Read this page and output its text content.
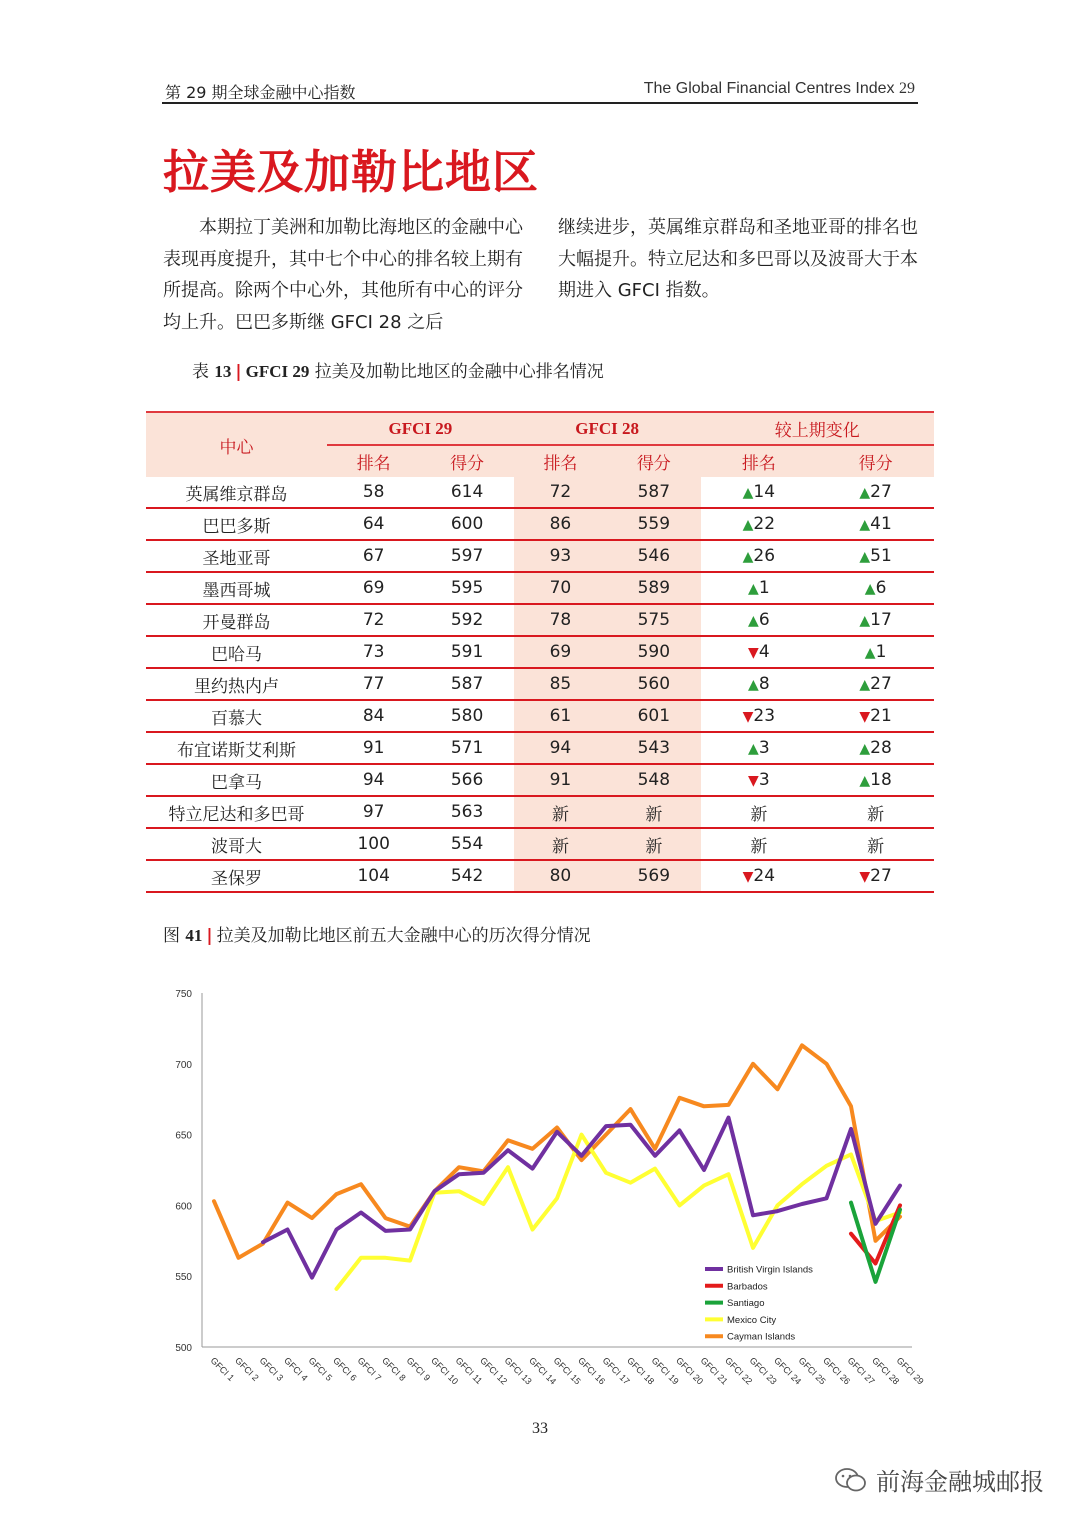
第 29 期全球金融中心指数	The Global Financial Centres Index 29
拉美及加勒比地区
本期拉丁美洲和加勒比海地区的金融中心表现再度提升，其中七个中心的排名较上期有所提高。除两个中心外，其他所有中心的评分均上升。巴巴多斯继 GFCI 28 之后
继续进步，英属维京群岛和圣地亚哥的排名也大幅提升。特立尼达和多巴哥以及波哥大于本期进入 GFCI 指数。
表 13 | GFCI 29 拉美及加勒比地区的金融中心排名情况
中心	GFCI 29		GFCI 28		较上期变化	
	排名	得分	排名	得分	排名	得分
英属维京群岛	58	614	72	587	▲14	▲27
巴巴多斯	64	600	86	559	▲22	▲41
圣地亚哥	67	597	93	546	▲26	▲51
墨西哥城	69	595	70	589	▲1	▲6
开曼群岛	72	592	78	575	▲6	▲17
巴哈马	73	591	69	590	▼4	▲1
里约热内卢	77	587	85	560	▲8	▲27
百慕大	84	580	61	601	▼23	▼21
布宜诺斯艾利斯	91	571	94	543	▲3	▲28
巴拿马	94	566	91	548	▼3	▲18
特立尼达和多巴哥	97	563	新	新	新	新
波哥大	100	554	新	新	新	新
圣保罗	104	542	80	569	▼24	▼27
图 41 | 拉美及加勒比地区前五大金融中心的历次得分情况
500
550
600
650
700
750
GFCI 1
GFCI 2
GFCI 3
GFCI 4
GFCI 5
GFCI 6
GFCI 7
GFCI 8
GFCI 9
GFCI 10
GFCI 11
GFCI 12
GFCI 13
GFCI 14
GFCI 15
GFCI 16
GFCI 17
GFCI 18
GFCI 19
GFCI 20
GFCI 21
GFCI 22
GFCI 23
GFCI 24
GFCI 25
GFCI 26
GFCI 27
GFCI 28
GFCI 29
British Virgin Islands
Barbados
Santiago
Mexico City
Cayman Islands
33
前海金融城邮报
